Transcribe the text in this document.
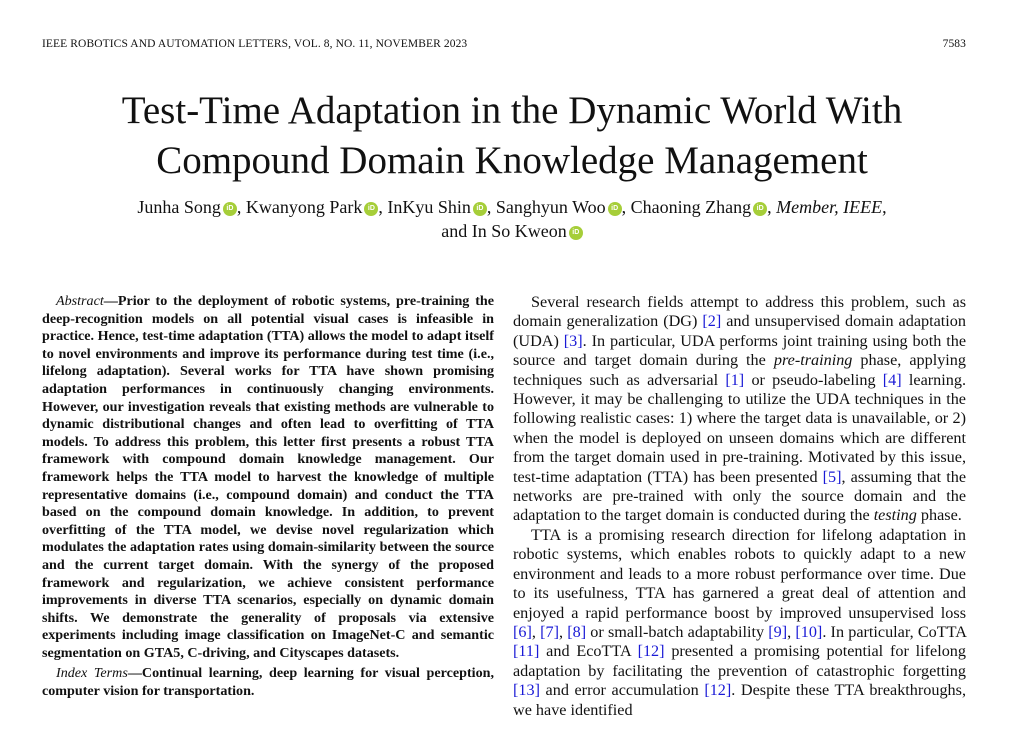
IEEE ROBOTICS AND AUTOMATION LETTERS, VOL. 8, NO. 11, NOVEMBER 2023	7583
Test-Time Adaptation in the Dynamic World With
Compound Domain Knowledge Management
Junha Song iD , Kwanyong Park iD , InKyu Shin iD , Sanghyun Woo iD , Chaoning Zhang iD , Member, IEEE,
and In So Kweon iD

Abstract—Prior to the deployment of robotic systems, pre-training the deep-recognition models on all potential visual cases is infeasible in practice. Hence, test-time adaptation (TTA) allows the model to adapt itself to novel environments and improve its performance during test time (i.e., lifelong adaptation). Several works for TTA have shown promising adaptation performances in continuously changing environments. However, our investigation reveals that existing methods are vulnerable to dynamic distributional changes and often lead to overfitting of TTA models. To address this problem, this letter first presents a robust TTA framework with compound domain knowledge management. Our framework helps the TTA model to harvest the knowledge of multiple representative domains (i.e., compound domain) and conduct the TTA based on the compound domain knowledge. In addition, to prevent overfitting of the TTA model, we devise novel regularization which modulates the adaptation rates using domain-similarity between the source and the current target domain. With the synergy of the proposed framework and regularization, we achieve consistent performance improvements in diverse TTA scenarios, especially on dynamic domain shifts. We demonstrate the generality of proposals via extensive experiments including image classification on ImageNet-C and semantic segmentation on GTA5, C-driving, and Cityscapes datasets.

Index Terms—Continual learning, deep learning for visual perception, computer vision for transportation.

Several research fields attempt to address this problem, such as domain generalization (DG) [2] and unsupervised domain adaptation (UDA) [3]. In particular, UDA performs joint training using both the source and target domain during the pre-training phase, applying techniques such as adversarial [1] or pseudo-labeling [4] learning. However, it may be challenging to utilize the UDA techniques in the following realistic cases: 1) where the target data is unavailable, or 2) when the model is deployed on unseen domains which are different from the target domain used in pre-training. Motivated by this issue, test-time adaptation (TTA) has been presented [5], assuming that the networks are pre-trained with only the source domain and the adaptation to the target domain is conducted during the testing phase.

TTA is a promising research direction for lifelong adaptation in robotic systems, which enables robots to quickly adapt to a new environment and leads to a more robust performance over time. Due to its usefulness, TTA has garnered a great deal of attention and enjoyed a rapid performance boost by improved unsupervised loss [6], [7], [8] or small-batch adaptability [9], [10]. In particular, CoTTA [11] and EcoTTA [12] presented a promising potential for lifelong adaptation by facilitating the prevention of catastrophic forgetting [13] and error accumulation [12]. Despite these TTA breakthroughs, we have identified
